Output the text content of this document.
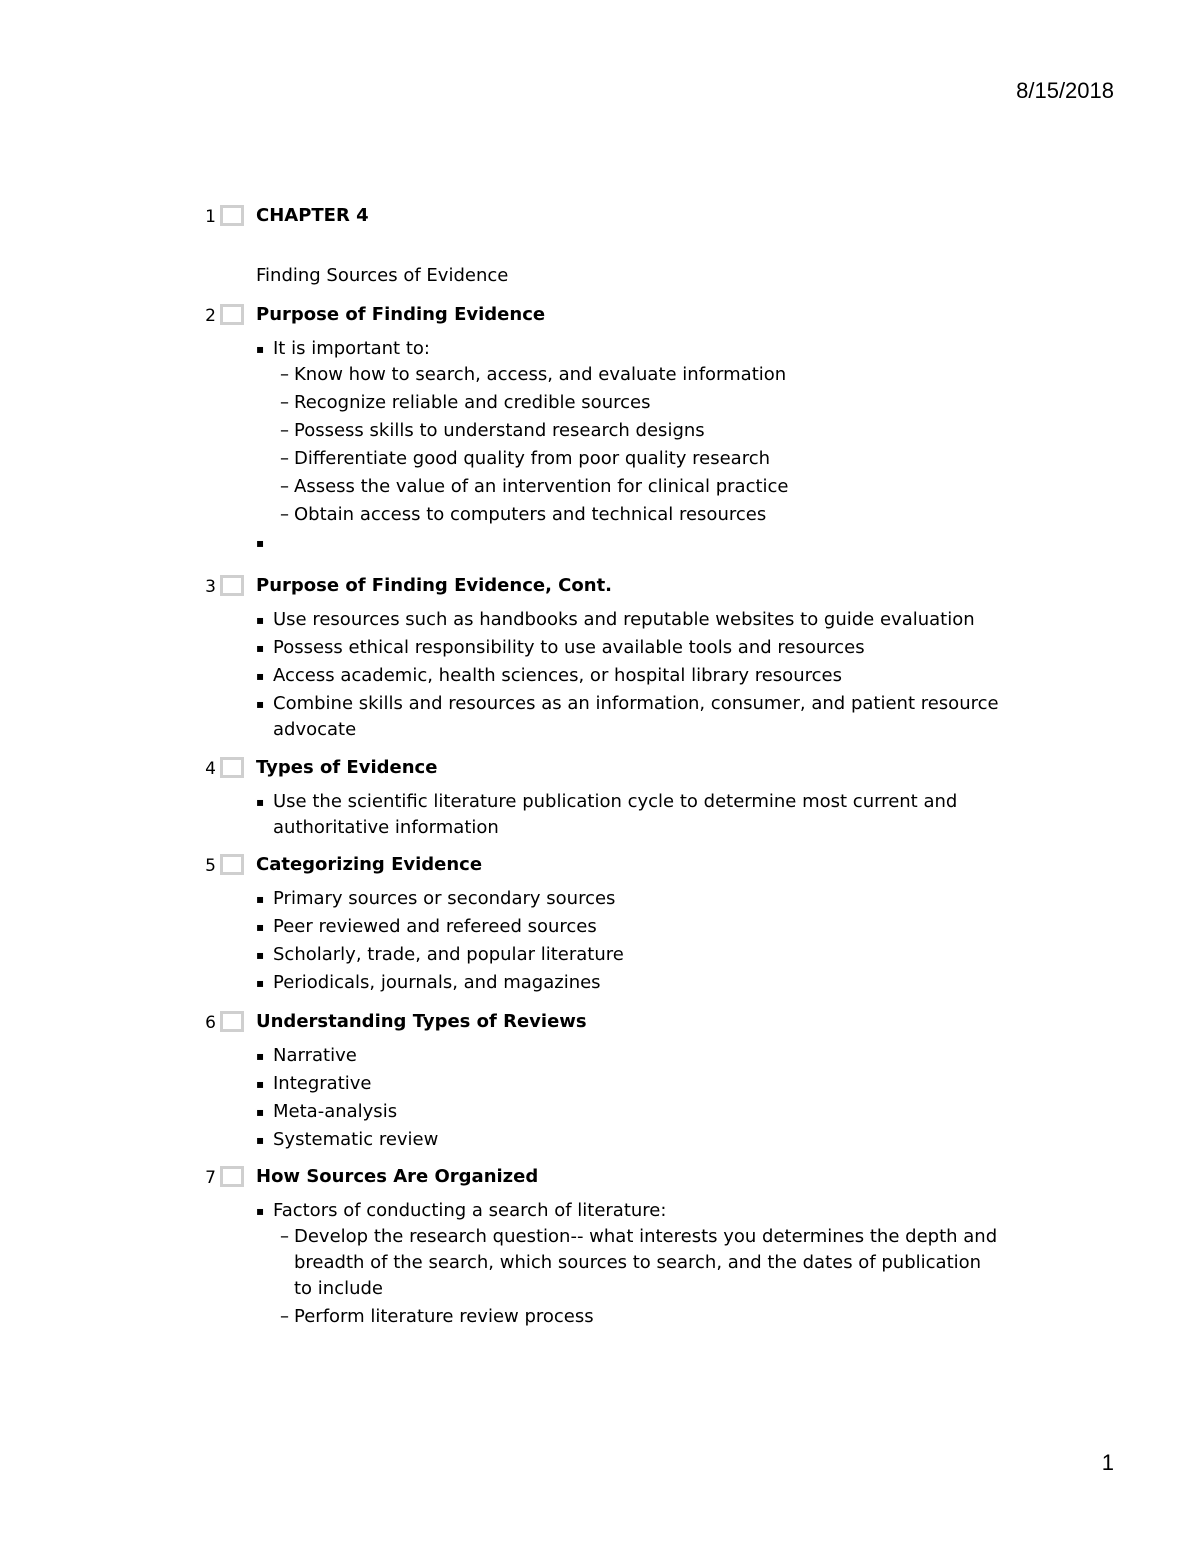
8/15/2018
1 CHAPTER 4
Finding Sources of Evidence
2 Purpose of Finding Evidence
▪ It is important to:
– Know how to search, access, and evaluate information
– Recognize reliable and credible sources
– Possess skills to understand research designs
– Differentiate good quality from poor quality research
– Assess the value of an intervention for clinical practice
– Obtain access to computers and technical resources
▪

3 Purpose of Finding Evidence, Cont.
▪ Use resources such as handbooks and reputable websites to guide evaluation
▪ Possess ethical responsibility to use available tools and resources
▪ Access academic, health sciences, or hospital library resources
▪ Combine skills and resources as an information, consumer, and patient resource advocate
4 Types of Evidence
▪ Use the scientific literature publication cycle to determine most current and authoritative information
5 Categorizing Evidence
▪ Primary sources or secondary sources
▪ Peer reviewed and refereed sources
▪ Scholarly, trade, and popular literature
▪ Periodicals, journals, and magazines
6 Understanding Types of Reviews
▪ Narrative
▪ Integrative
▪ Meta-analysis
▪ Systematic review
7 How Sources Are Organized
▪ Factors of conducting a search of literature:
– Develop the research question-- what interests you determines the depth and breadth of the search, which sources to search, and the dates of publication to include
– Perform literature review process
1
